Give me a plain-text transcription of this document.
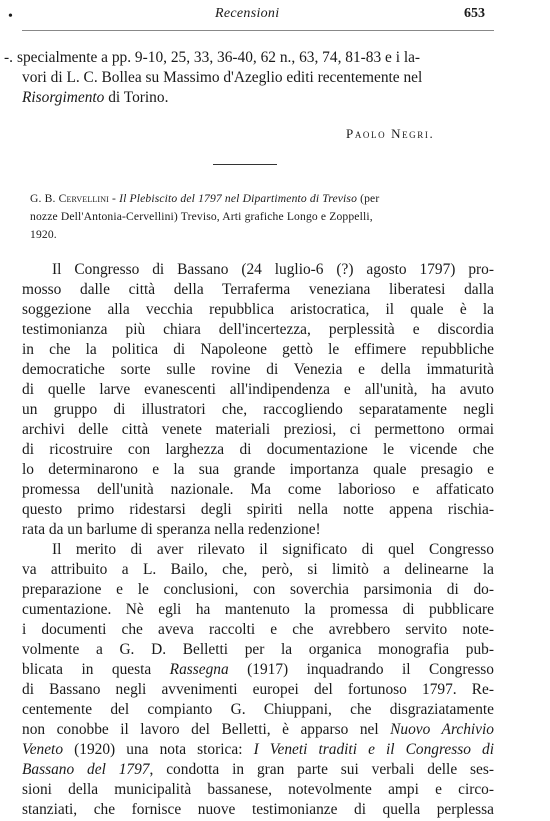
•	Recensioni	653
-. specialmente a pp. 9-10, 25, 33, 36-40, 62 n., 63, 74, 81-83 e i la-
vori di L. C. Bollea su Massimo d'Azeglio editi recentemente nel
Risorgimento di Torino.
Paolo Negri.
G. B. Cervellini - Il Plebiscito del 1797 nel Dipartimento di Treviso (per
nozze Dell'Antonia-Cervellini) Treviso, Arti grafiche Longo e Zoppelli,
1920.
Il Congresso di Bassano (24 luglio-6 (?) agosto 1797) pro-
mosso dalle città della Terraferma veneziana liberatesi dalla
soggezione alla vecchia repubblica aristocratica, il quale è la
testimonianza più chiara dell'incertezza, perplessità e discordia
in che la politica di Napoleone gettò le effimere repubbliche
democratiche sorte sulle rovine di Venezia e della immaturità
di quelle larve evanescenti all'indipendenza e all'unità, ha avuto
un gruppo di illustratori che, raccogliendo separatamente negli
archivi delle città venete materiali preziosi, ci permettono ormai
di ricostruire con larghezza di documentazione le vicende che
lo determinarono e la sua grande importanza quale presagio e
promessa dell'unità nazionale. Ma come laborioso e affaticato
questo primo ridestarsi degli spiriti nella notte appena rischia-
rata da un barlume di speranza nella redenzione!
Il merito di aver rilevato il significato di quel Congresso
va attribuito a L. Bailo, che, però, si limitò a delinearne la
preparazione e le conclusioni, con soverchia parsimonia di do-
cumentazione. Nè egli ha mantenuto la promessa di pubblicare
i documenti che aveva raccolti e che avrebbero servito note-
volmente a G. D. Belletti per la organica monografia pub-
blicata in questa Rassegna (1917) inquadrando il Congresso
di Bassano negli avvenimenti europei del fortunoso 1797. Re-
centemente del compianto G. Chiuppani, che disgraziatamente
non conobbe il lavoro del Belletti, è apparso nel Nuovo Archivio
Veneto (1920) una nota storica: I Veneti traditi e il Congresso di
Bassano del 1797, condotta in gran parte sui verbali delle ses-
sioni della municipalità bassanese, notevolmente ampi e circo-
stanziati, che fornisce nuove testimonianze di quella perplessa
